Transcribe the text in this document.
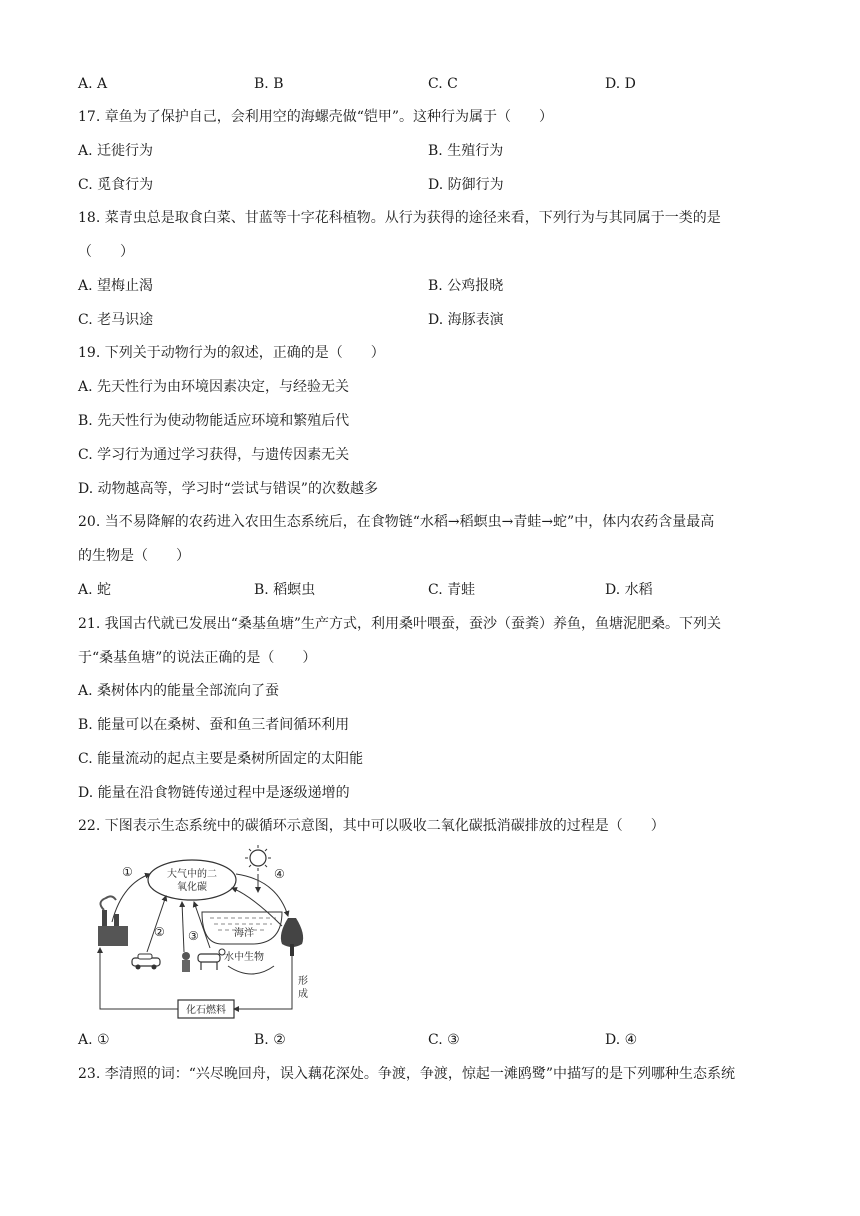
A. A	B. B	C. C	D. D
17. 章鱼为了保护自己，会利用空的海螺壳做“铠甲”。这种行为属于（　　）
A. 迁徙行为	B. 生殖行为
C. 觅食行为	D. 防御行为
18. 菜青虫总是取食白菜、甘蓝等十字花科植物。从行为获得的途径来看，下列行为与其同属于一类的是
（　　）
A. 望梅止渴	B. 公鸡报晓
C. 老马识途	D. 海豚表演
19. 下列关于动物行为的叙述，正确的是（　　）
A. 先天性行为由环境因素决定，与经验无关
B. 先天性行为使动物能适应环境和繁殖后代
C. 学习行为通过学习获得，与遗传因素无关
D. 动物越高等，学习时“尝试与错误”的次数越多
20. 当不易降解的农药进入农田生态系统后，在食物链“水稻→稻螟虫→青蛙→蛇”中，体内农药含量最高
的生物是（　　）
A. 蛇	B. 稻螟虫	C. 青蛙	D. 水稻
21. 我国古代就已发展出“桑基鱼塘”生产方式，利用桑叶喂蚕，蚕沙（蚕粪）养鱼，鱼塘泥肥桑。下列关
于“桑基鱼塘”的说法正确的是（　　）
A. 桑树体内的能量全部流向了蚕
B. 能量可以在桑树、蚕和鱼三者间循环利用
C. 能量流动的起点主要是桑树所固定的太阳能
D. 能量在沿食物链传递过程中是逐级递增的
22. 下图表示生态系统中的碳循环示意图，其中可以吸收二氧化碳抵消碳排放的过程是（　　）
大气中的二
氧化碳
①
② ③
④
海洋
水中生物
化石燃料
形
成
A. ①	B. ②	C. ③	D. ④
23. 李清照的词：“兴尽晚回舟，误入藕花深处。争渡，争渡，惊起一滩鸥鹭”中描写的是下列哪种生态系统
